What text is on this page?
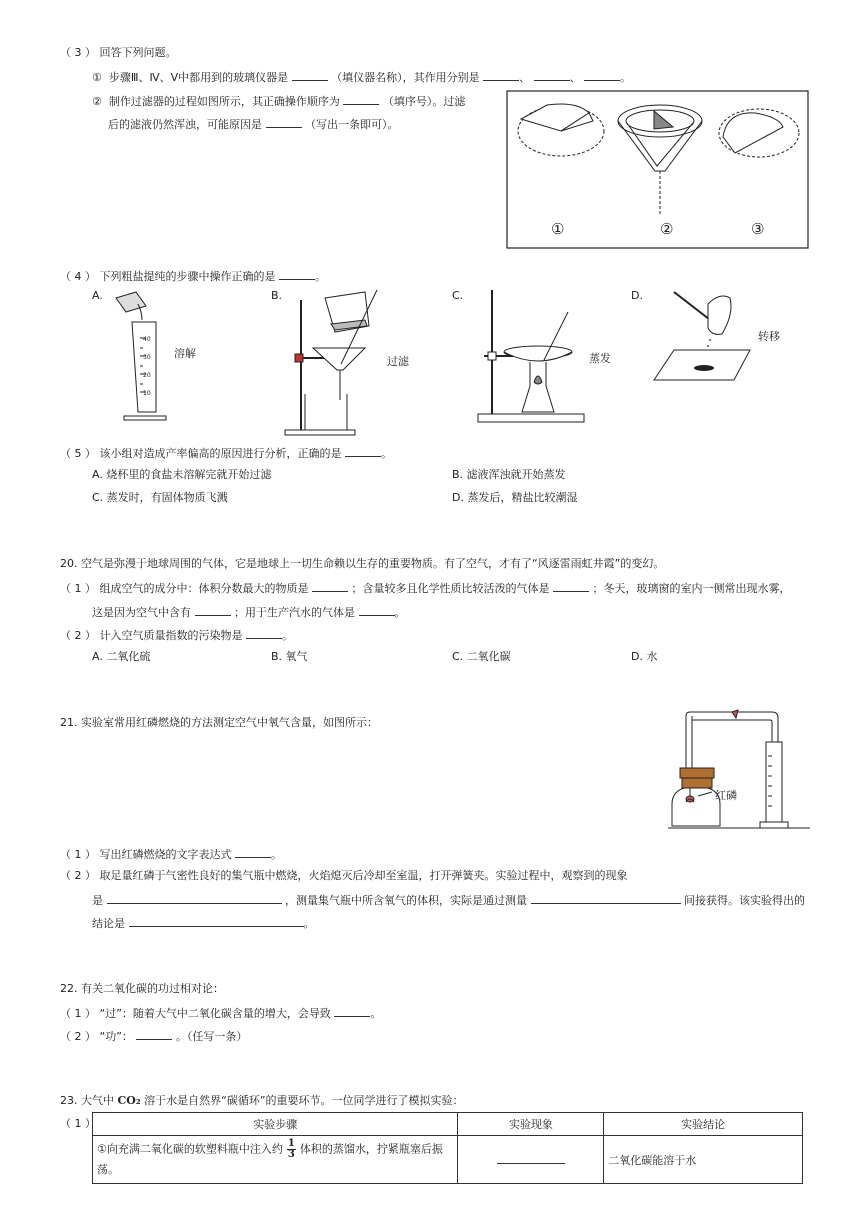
（ 3 ） 回答下列问题。
① 步骤Ⅲ、Ⅳ、Ⅴ中都用到的玻璃仪器是	（填仪器名称），其作用分别是	、	、	。
② 制作过滤器的过程如图所示，其正确操作顺序为	（填序号）。过滤
后的滤液仍然浑浊，可能原因是	（写出一条即可）。
①	②	③
（ 4 ） 下列粗盐提纯的步骤中操作正确的是	。
A.	B.	C.	D.
40
30
20
10
溶解
过滤	蒸发
转移
（ 5 ） 该小组对造成产率偏高的原因进行分析，正确的是	。
A. 烧杯里的食盐未溶解完就开始过滤	B. 滤液浑浊就开始蒸发
C. 蒸发时，有固体物质飞溅	D. 蒸发后，精盐比较潮湿
20. 空气是弥漫于地球周围的气体，它是地球上一切生命赖以生存的重要物质。有了空气，才有了“风逐雷雨虹井霞”的变幻。
（ 1 ） 组成空气的成分中：体积分数最大的物质是	；含量较多且化学性质比较活泼的气体是	；冬天，玻璃窗的室内一侧常出现水雾，
这是因为空气中含有	；用于生产汽水的气体是	。
（ 2 ） 计入空气质量指数的污染物是	。
A. 二氧化硫	B. 氧气	C. 二氧化碳	D. 水
21. 实验室常用红磷燃烧的方法测定空气中氧气含量，如图所示：
红磷
（ 1 ） 写出红磷燃烧的文字表达式	。
（ 2 ） 取足量红磷于气密性良好的集气瓶中燃烧，火焰熄灭后冷却至室温，打开弹簧夹。实验过程中，观察到的现象
是	，测量集气瓶中所含氧气的体积，实际是通过测量	间接获得。该实验得出的
结论是	。
22. 有关二氧化碳的功过相对论：
（ 1 ） “过”：随着大气中二氧化碳含量的增大，会导致	。
（ 2 ） “功”：	。（任写一条）
23. 大气中 CO₂ 溶于水是自然界“碳循环”的重要环节。一位同学进行了模拟实验：
（ 1 ）	实验步骤	实验现象	实验结论
①向充满二氧化碳的软塑料瓶中注入约 $\frac{1}{3}$ 体积的蒸馏水，拧紧瓶塞后振
荡。		二氧化碳能溶于水
